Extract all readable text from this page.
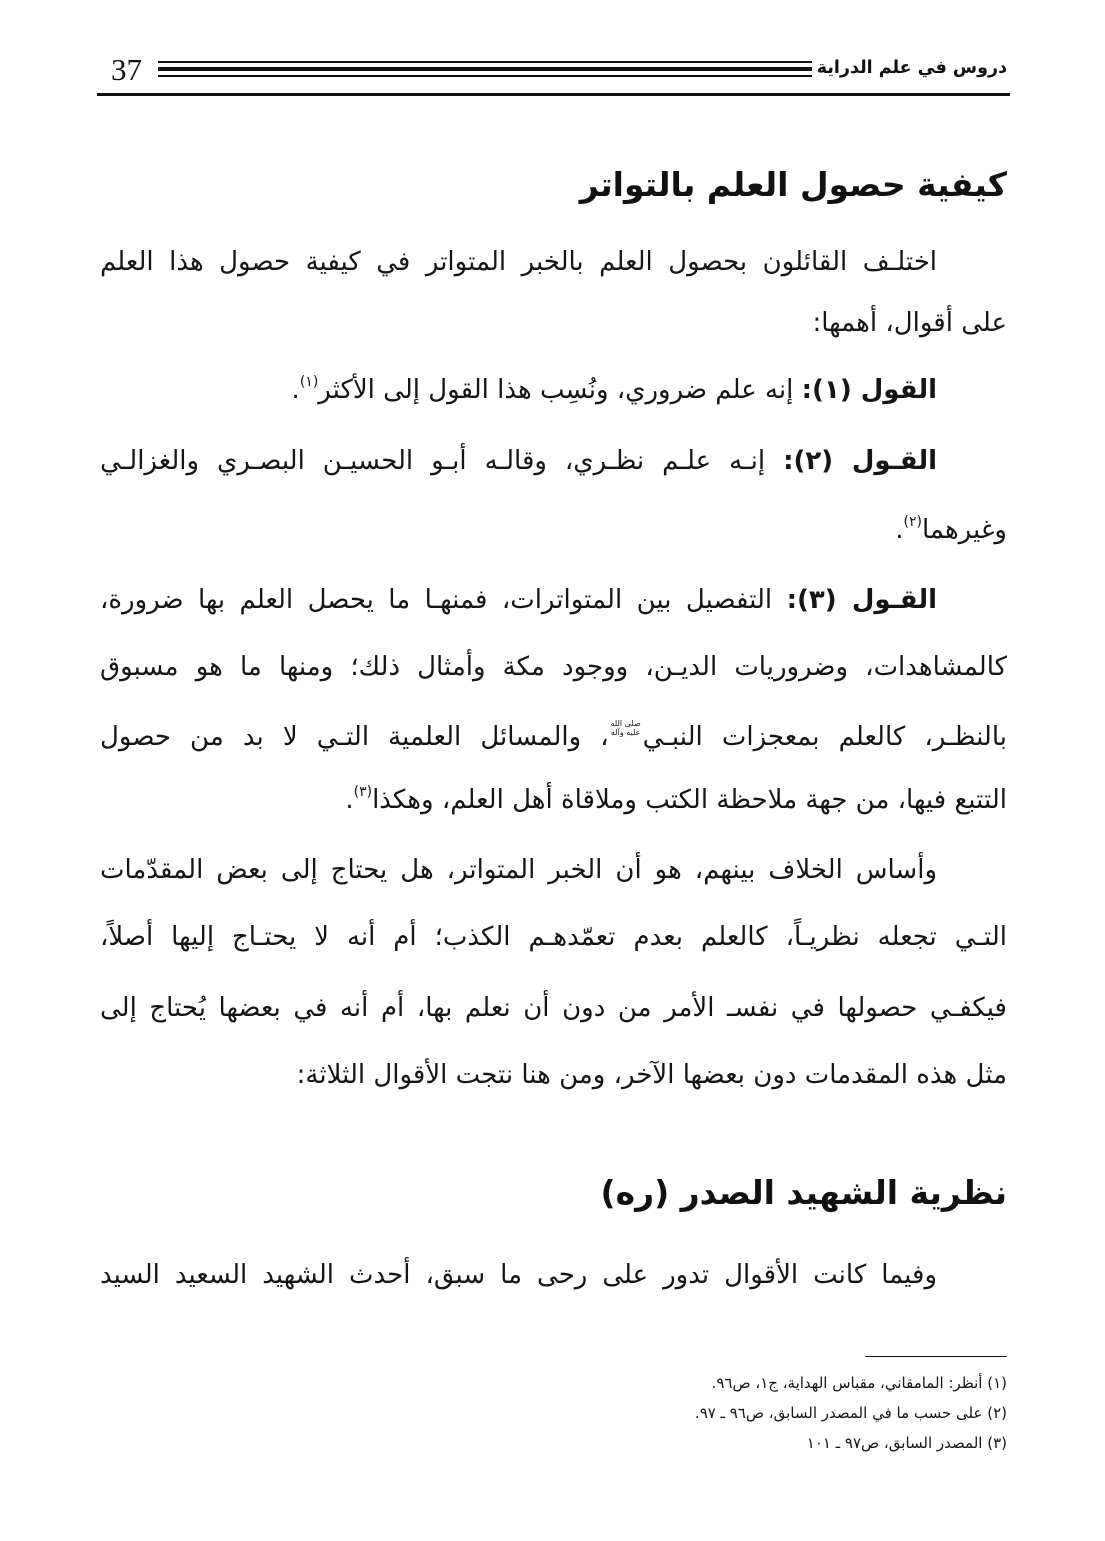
37	دروس في علم الدراية
كيفية حصول العلم بالتواتر
اختلـف القائلون بحصول العلم بالخبر المتواتر في كيفية حصول هذا العلم
على أقوال، أهمها:
القول (١): إنه علم ضروري، ونُسِب هذا القول إلى الأكثر$^{(١)}$.
القـول (٢): إنـه علـم نظـري، وقالـه أبـو الحسيـن البصـري والغزالـي
وغيرهما$^{(٢)}$.
القـول (٣): التفصيل بين المتواترات، فمنهـا ما يحصل العلم بها ضرورة،
كالمشاهدات، وضروريات الديـن، ووجود مكة وأمثال ذلك؛ ومنها ما هو مسبوق
بالنظـر، كالعلم بمعجزات النبـيصلى الله عليه وآله، والمسائل العلمية التـي لا بد من حصول
التتبع فيها، من جهة ملاحظة الكتب وملاقاة أهل العلم، وهكذا$^{(٣)}$.
وأساس الخلاف بينهم، هو أن الخبر المتواتر، هل يحتاج إلى بعض المقدّمات
التـي تجعله نظريـاً، كالعلم بعدم تعمّدهـم الكذب؛ أم أنه لا يحتـاج إليها أصلاً،
فيكفـي حصولها في نفسـ الأمر من دون أن نعلم بها، أم أنه في بعضها يُحتاج إلى
مثل هذه المقدمات دون بعضها الآخر، ومن هنا نتجت الأقوال الثلاثة:
نظرية الشهيد الصدر (ره)
وفيما كانت الأقوال تدور على رحى ما سبق، أحدث الشهيد السعيد السيد
(١) أنظر: المامقاني، مقباس الهداية، ج١، ص٩٦.
(٢) على حسب ما في المصدر السابق، ص٩٦ ـ ٩٧.
(٣) المصدر السابق، ص٩٧ ـ ١٠١
